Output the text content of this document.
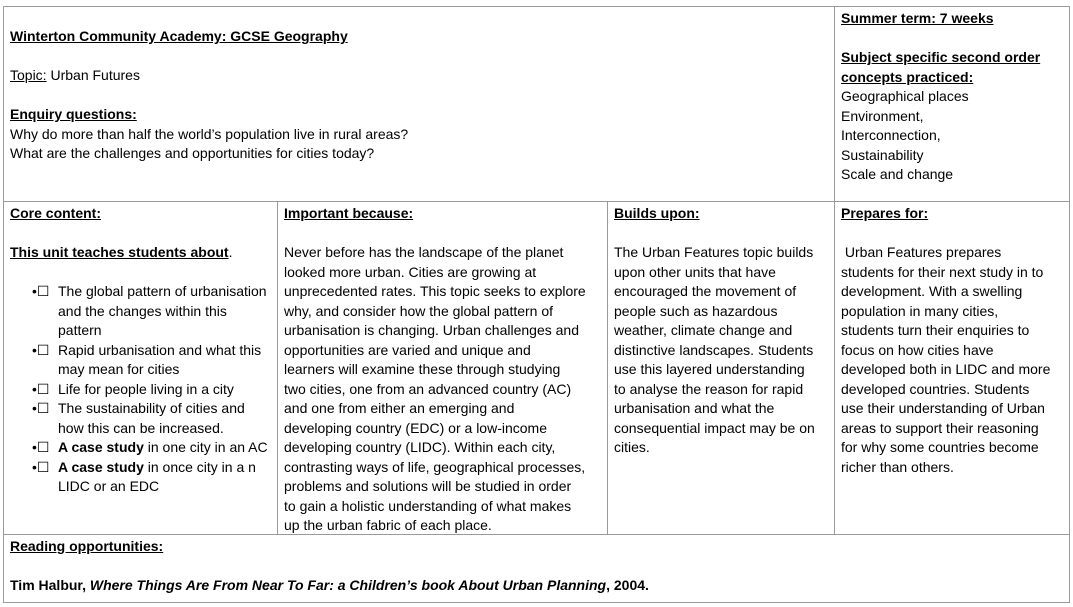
Winterton Community Academy: GCSE Geography
Topic: Urban Futures
Enquiry questions:
Why do more than half the world’s population live in rural areas?
What are the challenges and opportunities for cities today?
Summer term: 7 weeks
Subject specific second order
concepts practiced:
Geographical places
Environment,
Interconnection,
Sustainability
Scale and change
Core content:
This unit teaches students about.
•☐ The global pattern of urbanisation and the changes within this pattern
•☐ Rapid urbanisation and what this may mean for cities
•☐ Life for people living in a city
•☐ The sustainability of cities and how this can be increased.
•☐ A case study in one city in an AC
•☐ A case study in once city in a n LIDC or an EDC
Important because:
Never before has the landscape of the planet
looked more urban. Cities are growing at
unprecedented rates. This topic seeks to explore
why, and consider how the global pattern of
urbanisation is changing. Urban challenges and
opportunities are varied and unique and
learners will examine these through studying
two cities, one from an advanced country (AC)
and one from either an emerging and
developing country (EDC) or a low-income
developing country (LIDC). Within each city,
contrasting ways of life, geographical processes,
problems and solutions will be studied in order
to gain a holistic understanding of what makes
up the urban fabric of each place.
Builds upon:
The Urban Features topic builds
upon other units that have
encouraged the movement of
people such as hazardous
weather, climate change and
distinctive landscapes. Students
use this layered understanding
to analyse the reason for rapid
urbanisation and what the
consequential impact may be on
cities.
Prepares for:
Urban Features prepares
students for their next study in to
development. With a swelling
population in many cities,
students turn their enquiries to
focus on how cities have
developed both in LIDC and more
developed countries. Students
use their understanding of Urban
areas to support their reasoning
for why some countries become
richer than others.
Reading opportunities:
Tim Halbur, Where Things Are From Near To Far: a Children’s book About Urban Planning, 2004.
